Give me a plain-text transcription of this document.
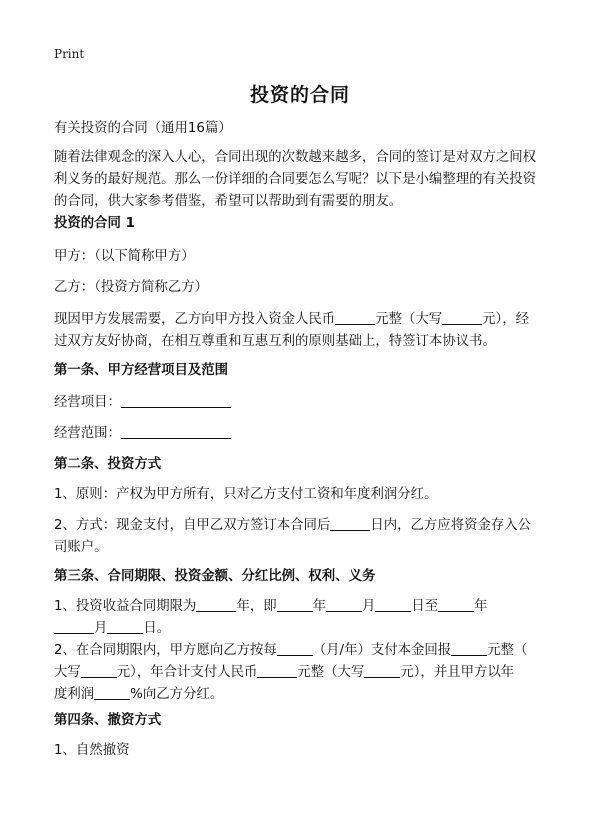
Print
投资的合同
有关投资的合同（通用16篇）
随着法律观念的深入人心，合同出现的次数越来越多，合同的签订是对双方之间权
利义务的最好规范。那么一份详细的合同要怎么写呢？以下是小编整理的有关投资
的合同，供大家参考借鉴，希望可以帮助到有需要的朋友。
投资的合同 1
甲方：（以下简称甲方）
乙方：（投资方简称乙方）
现因甲方发展需要，乙方向甲方投入资金人民币	元整（大写	元），经
过双方友好协商，在相互尊重和互惠互利的原则基础上，特签订本协议书。
第一条、甲方经营项目及范围
经营项目：
经营范围：
第二条、投资方式
1、原则：产权为甲方所有，只对乙方支付工资和年度利润分红。
2、方式：现金支付，自甲乙双方签订本合同后	日内，乙方应将资金存入公
司账户。
第三条、合同期限、投资金额、分红比例、权利、义务
1、投资收益合同期限为	年，即	年	月	日至	年
月	日。
2、在合同期限内，甲方愿向乙方按每	（月/年）支付本金回报	元整（
大写	元），年合计支付人民币	元整（大写	元），并且甲方以年
度利润	%向乙方分红。
第四条、撤资方式
1、自然撤资
